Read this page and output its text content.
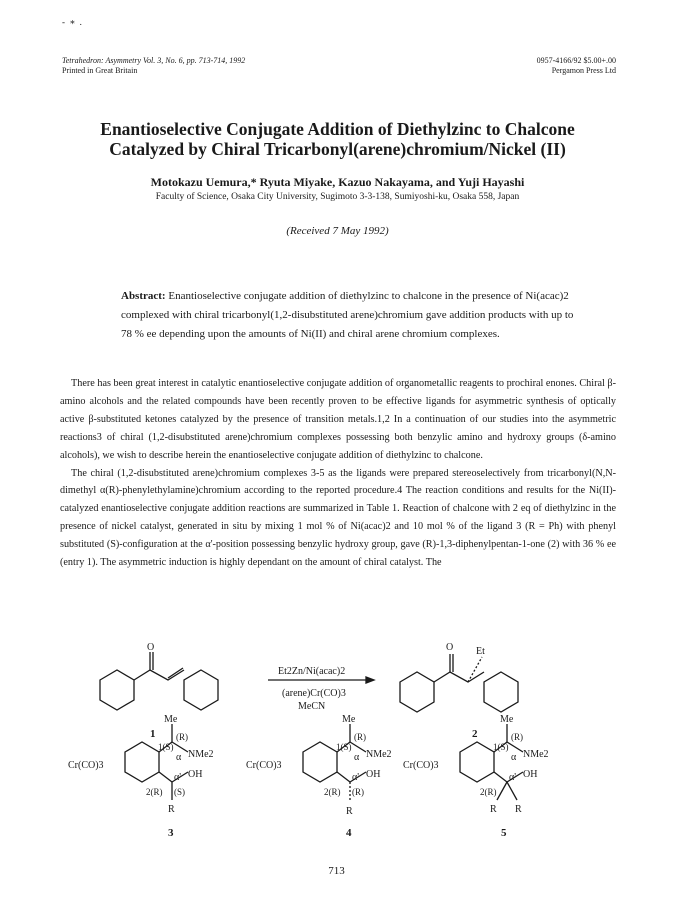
- ∗ .
Tetrahedron: Asymmetry Vol. 3, No. 6, pp. 713-714, 1992
Printed in Great Britain
0957-4166/92 $5.00+.00
Pergamon Press Ltd
Enantioselective Conjugate Addition of Diethylzinc to Chalcone
Catalyzed by Chiral Tricarbonyl(arene)chromium/Nickel (II)
Motokazu Uemura,* Ryuta Miyake, Kazuo Nakayama, and Yuji Hayashi
Faculty of Science, Osaka City University, Sugimoto 3-3-138, Sumiyoshi-ku, Osaka 558, Japan
(Received 7 May 1992)
Abstract: Enantioselective conjugate addition of diethylzinc to chalcone in the presence of Ni(acac)2 complexed with chiral tricarbonyl(1,2-disubstituted arene)chromium gave addition products with up to 78 % ee depending upon the amounts of Ni(II) and chiral arene chromium complexes.

There has been great interest in catalytic enantioselective conjugate addition of organometallic reagents to prochiral enones. Chiral β-amino alcohols and the related compounds have been recently proven to be effective ligands for asymmetric synthesis of optically active β-substituted ketones catalyzed by the presence of transition metals.1,2 In a continuation of our studies into the asymmetric reactions3 of chiral (1,2-disubstituted arene)chromium complexes possessing both benzylic amino and hydroxy groups (δ-amino alcohols), we wish to describe herein the enantioselective conjugate addition of diethylzinc to chalcone.

The chiral (1,2-disubstituted arene)chromium complexes 3-5 as the ligands were prepared stereoselectively from tricarbonyl(N,N-dimethyl α(R)-phenylethylamine)chromium according to the reported procedure.4 The reaction conditions and results for the Ni(II)-catalyzed enantioselective conjugate addition reactions are summarized in Table 1. Reaction of chalcone with 2 eq of diethylzinc in the presence of nickel catalyst, generated in situ by mixing 1 mol % of Ni(acac)2 and 10 mol % of the ligand 3 (R = Ph) with phenyl substituted (S)-configuration at the α'-position possessing benzylic hydroxy group, gave (R)-1,3-diphenylpentan-1-one (2) with 36 % ee (entry 1). The asymmetric induction is highly dependant on the amount of chiral catalyst. The

O
1
Et2Zn/Ni(acac)2
(arene)Cr(CO)3
MeCN
O Et
2
Me
1(S)
(R)
α NMe2
Cr(CO)3
α' OH
2(R) (S)
R
3
Me
1(S)
(R)
α NMe2
Cr(CO)3
α' OH
2(R) (R)
R
4
Me
1(S)
(R)
α NMe2
Cr(CO)3
α' OH
2(R)
R R
5
713
